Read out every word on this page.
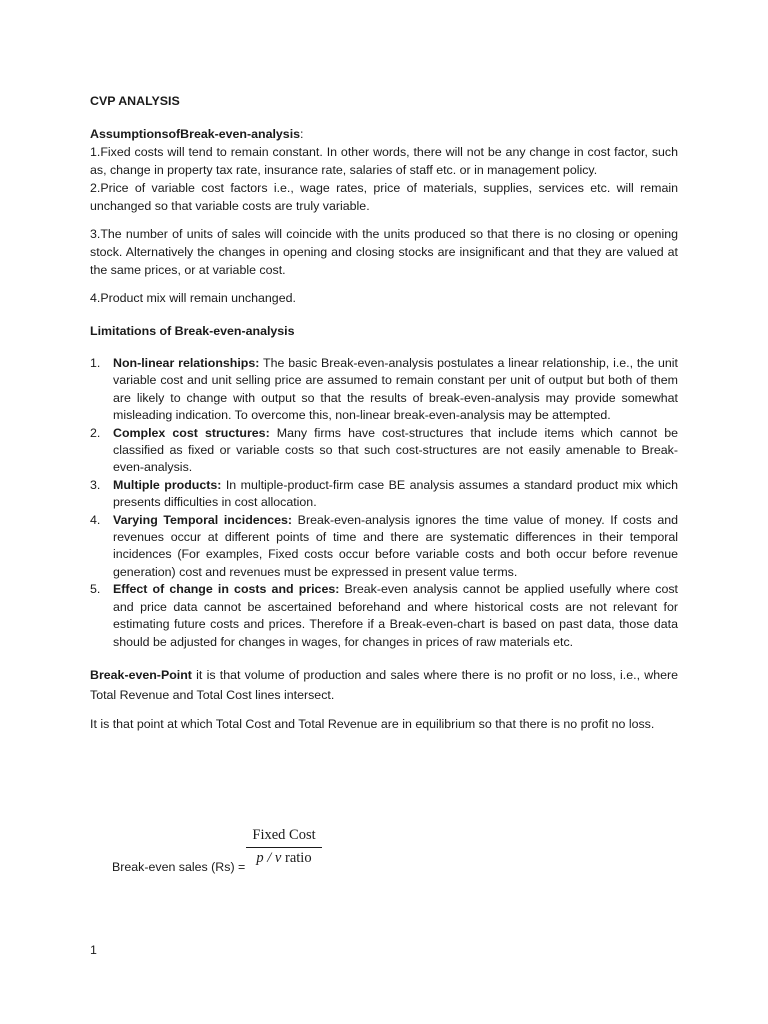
CVP ANALYSIS
AssumptionsofBreak-even-analysis:

1.Fixed costs will tend to remain constant. In other words, there will not be any change in cost factor, such as, change in property tax rate, insurance rate, salaries of staff etc. or in management policy.

2.Price of variable cost factors i.e., wage rates, price of materials, supplies, services etc. will remain unchanged so that variable costs are truly variable.

3.The number of units of sales will coincide with the units produced so that there is no closing or opening stock. Alternatively the changes in opening and closing stocks are insignificant and that they are valued at the same prices, or at variable cost.

4.Product mix will remain unchanged.

Limitations of Break-even-analysis
1. Non-linear relationships: The basic Break-even-analysis postulates a linear relationship, i.e., the unit variable cost and unit selling price are assumed to remain constant per unit of output but both of them are likely to change with output so that the results of break-even-analysis may provide somewhat misleading indication. To overcome this, non-linear break-even-analysis may be attempted.
2. Complex cost structures: Many firms have cost-structures that include items which cannot be classified as fixed or variable costs so that such cost-structures are not easily amenable to Break-even-analysis.
3. Multiple products: In multiple-product-firm case BE analysis assumes a standard product mix which presents difficulties in cost allocation.
4. Varying Temporal incidences: Break-even-analysis ignores the time value of money. If costs and revenues occur at different points of time and there are systematic differences in their temporal incidences (For examples, Fixed costs occur before variable costs and both occur before revenue generation) cost and revenues must be expressed in present value terms.
5. Effect of change in costs and prices: Break-even analysis cannot be applied usefully where cost and price data cannot be ascertained beforehand and where historical costs are not relevant for estimating future costs and prices. Therefore if a Break-even-chart is based on past data, those data should be adjusted for changes in wages, for changes in prices of raw materials etc.

Break-even-Point it is that volume of production and sales where there is no profit or no loss, i.e., where Total Revenue and Total Cost lines intersect.

It is that point at which Total Cost and Total Revenue are in equilibrium so that there is no profit no loss.

Break-even sales (Rs) =
Fixed Cost
p / v ratio
1
